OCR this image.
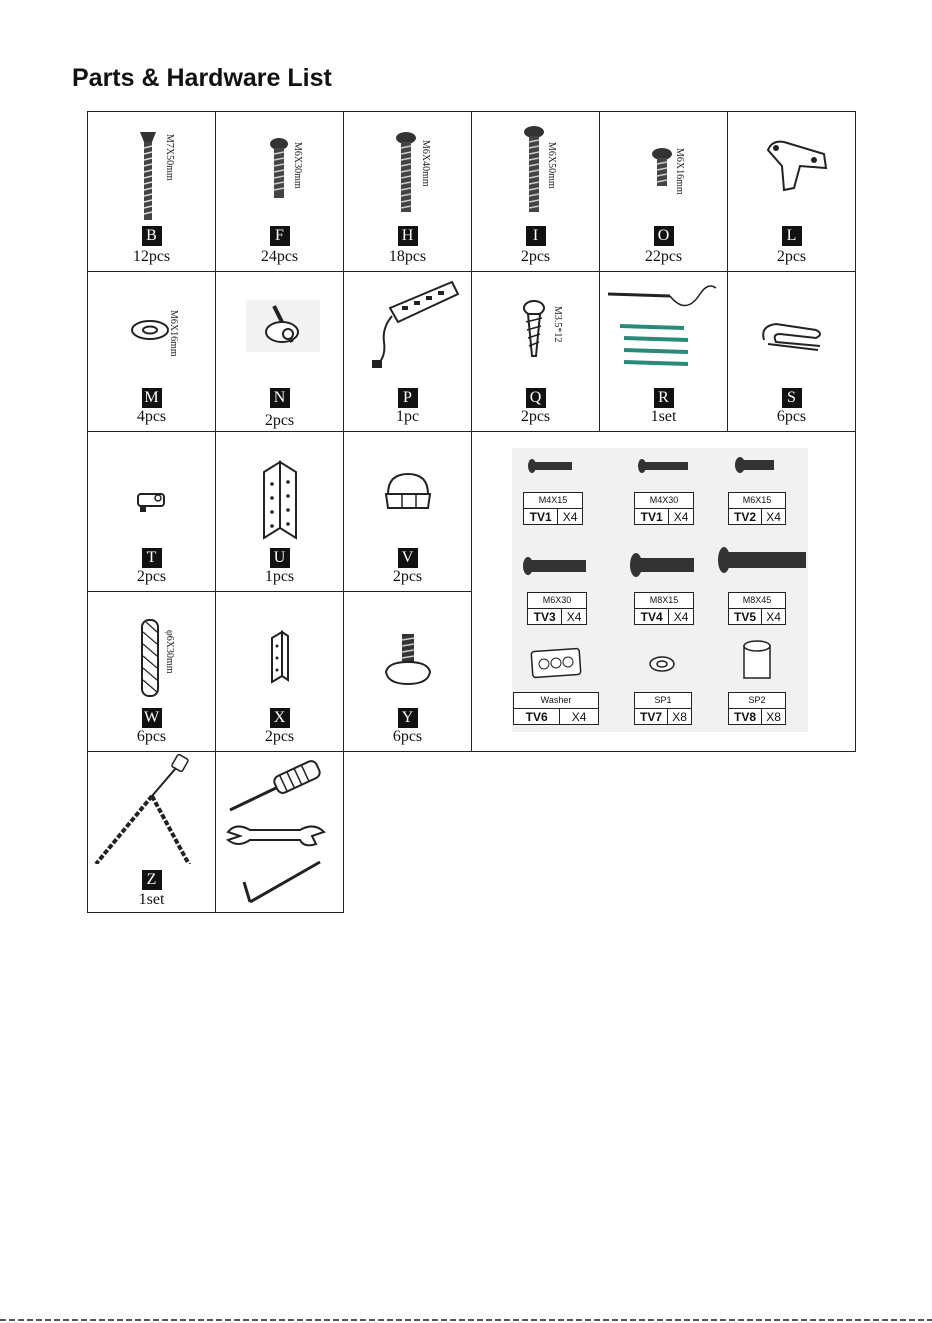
Parts & Hardware List
M7X50mm
B
12pcs
M6X30mm
F
24pcs
M6X40mm
H
18pcs
M6X50mm
I
2pcs
M6X16mm
O
22pcs
L
2pcs
M6X16mm
M
4pcs
N
2pcs
P
1pc
M3.5*12
Q
2pcs
R
1set
S
6pcs
T
2pcs
U
1pcs
V
2pcs
φ6X30mm
W
6pcs
X
2pcs
Y
6pcs
M4X15
TV1 X4
M4X30
TV1 X4
M6X15
TV2 X4
M6X30
TV3 X4
M8X15
TV4 X4
M8X45
TV5 X4
Washer
TV6	X4
SP1
TV7 X8
SP2
TV8 X8
Z
1set
